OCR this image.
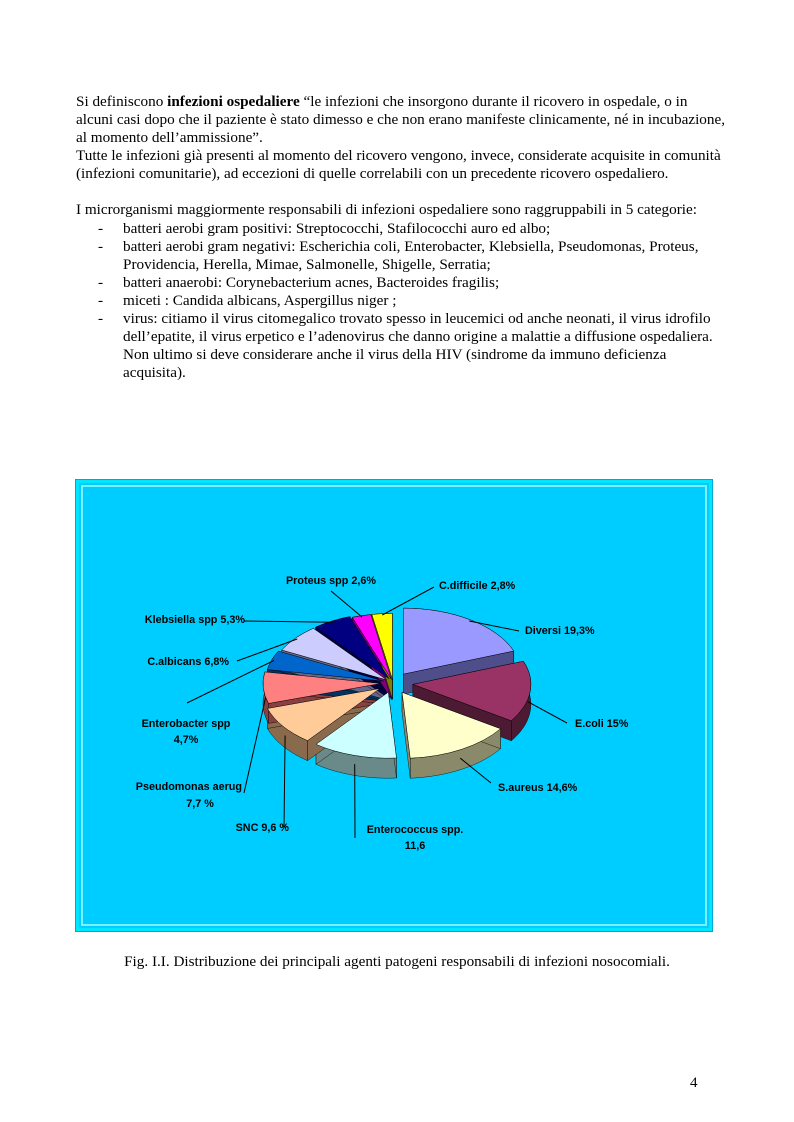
Si definiscono infezioni ospedaliere “le infezioni che insorgono durante il ricovero in ospedale, o in alcuni casi dopo che il paziente è stato dimesso e che non erano manifeste clinicamente, né in incubazione, al momento dell’ammissione”.

Tutte le infezioni già presenti al momento del ricovero vengono, invece, considerate acquisite in comunità (infezioni comunitarie), ad eccezioni di quelle correlabili con un precedente ricovero ospedaliero.

I microrganismi maggiormente responsabili di infezioni ospedaliere sono raggruppabili in 5 categorie:

- batteri aerobi gram positivi: Streptococchi, Stafilococchi auro ed albo;
- batteri aerobi gram negativi: Escherichia coli, Enterobacter, Klebsiella, Pseudomonas, Proteus, Providencia, Herella, Mimae, Salmonelle, Shigelle, Serratia;
- batteri anaerobi: Corynebacterium acnes, Bacteroides fragilis;
- miceti : Candida albicans, Aspergillus niger ;
- virus: citiamo il virus citomegalico trovato spesso in leucemici od anche neonati, il virus idrofilo dell’epatite, il virus erpetico e l’adenovirus che danno origine a malattie a diffusione ospedaliera. Non ultimo si deve considerare anche il virus della HIV (sindrome da immuno deficienza acquisita).
Diversi 19,3%
E.coli 15%
S.aureus 14,6%
Enterococcus spp.
11,6
SNC 9,6 %
Pseudomonas aerug
7,7 %
Enterobacter spp
4,7%
C.albicans 6,8%
Klebsiella spp 5,3%
Proteus spp 2,6%	C.difficile 2,8%
Fig. I.I. Distribuzione dei principali agenti patogeni responsabili di infezioni nosocomiali.
4
